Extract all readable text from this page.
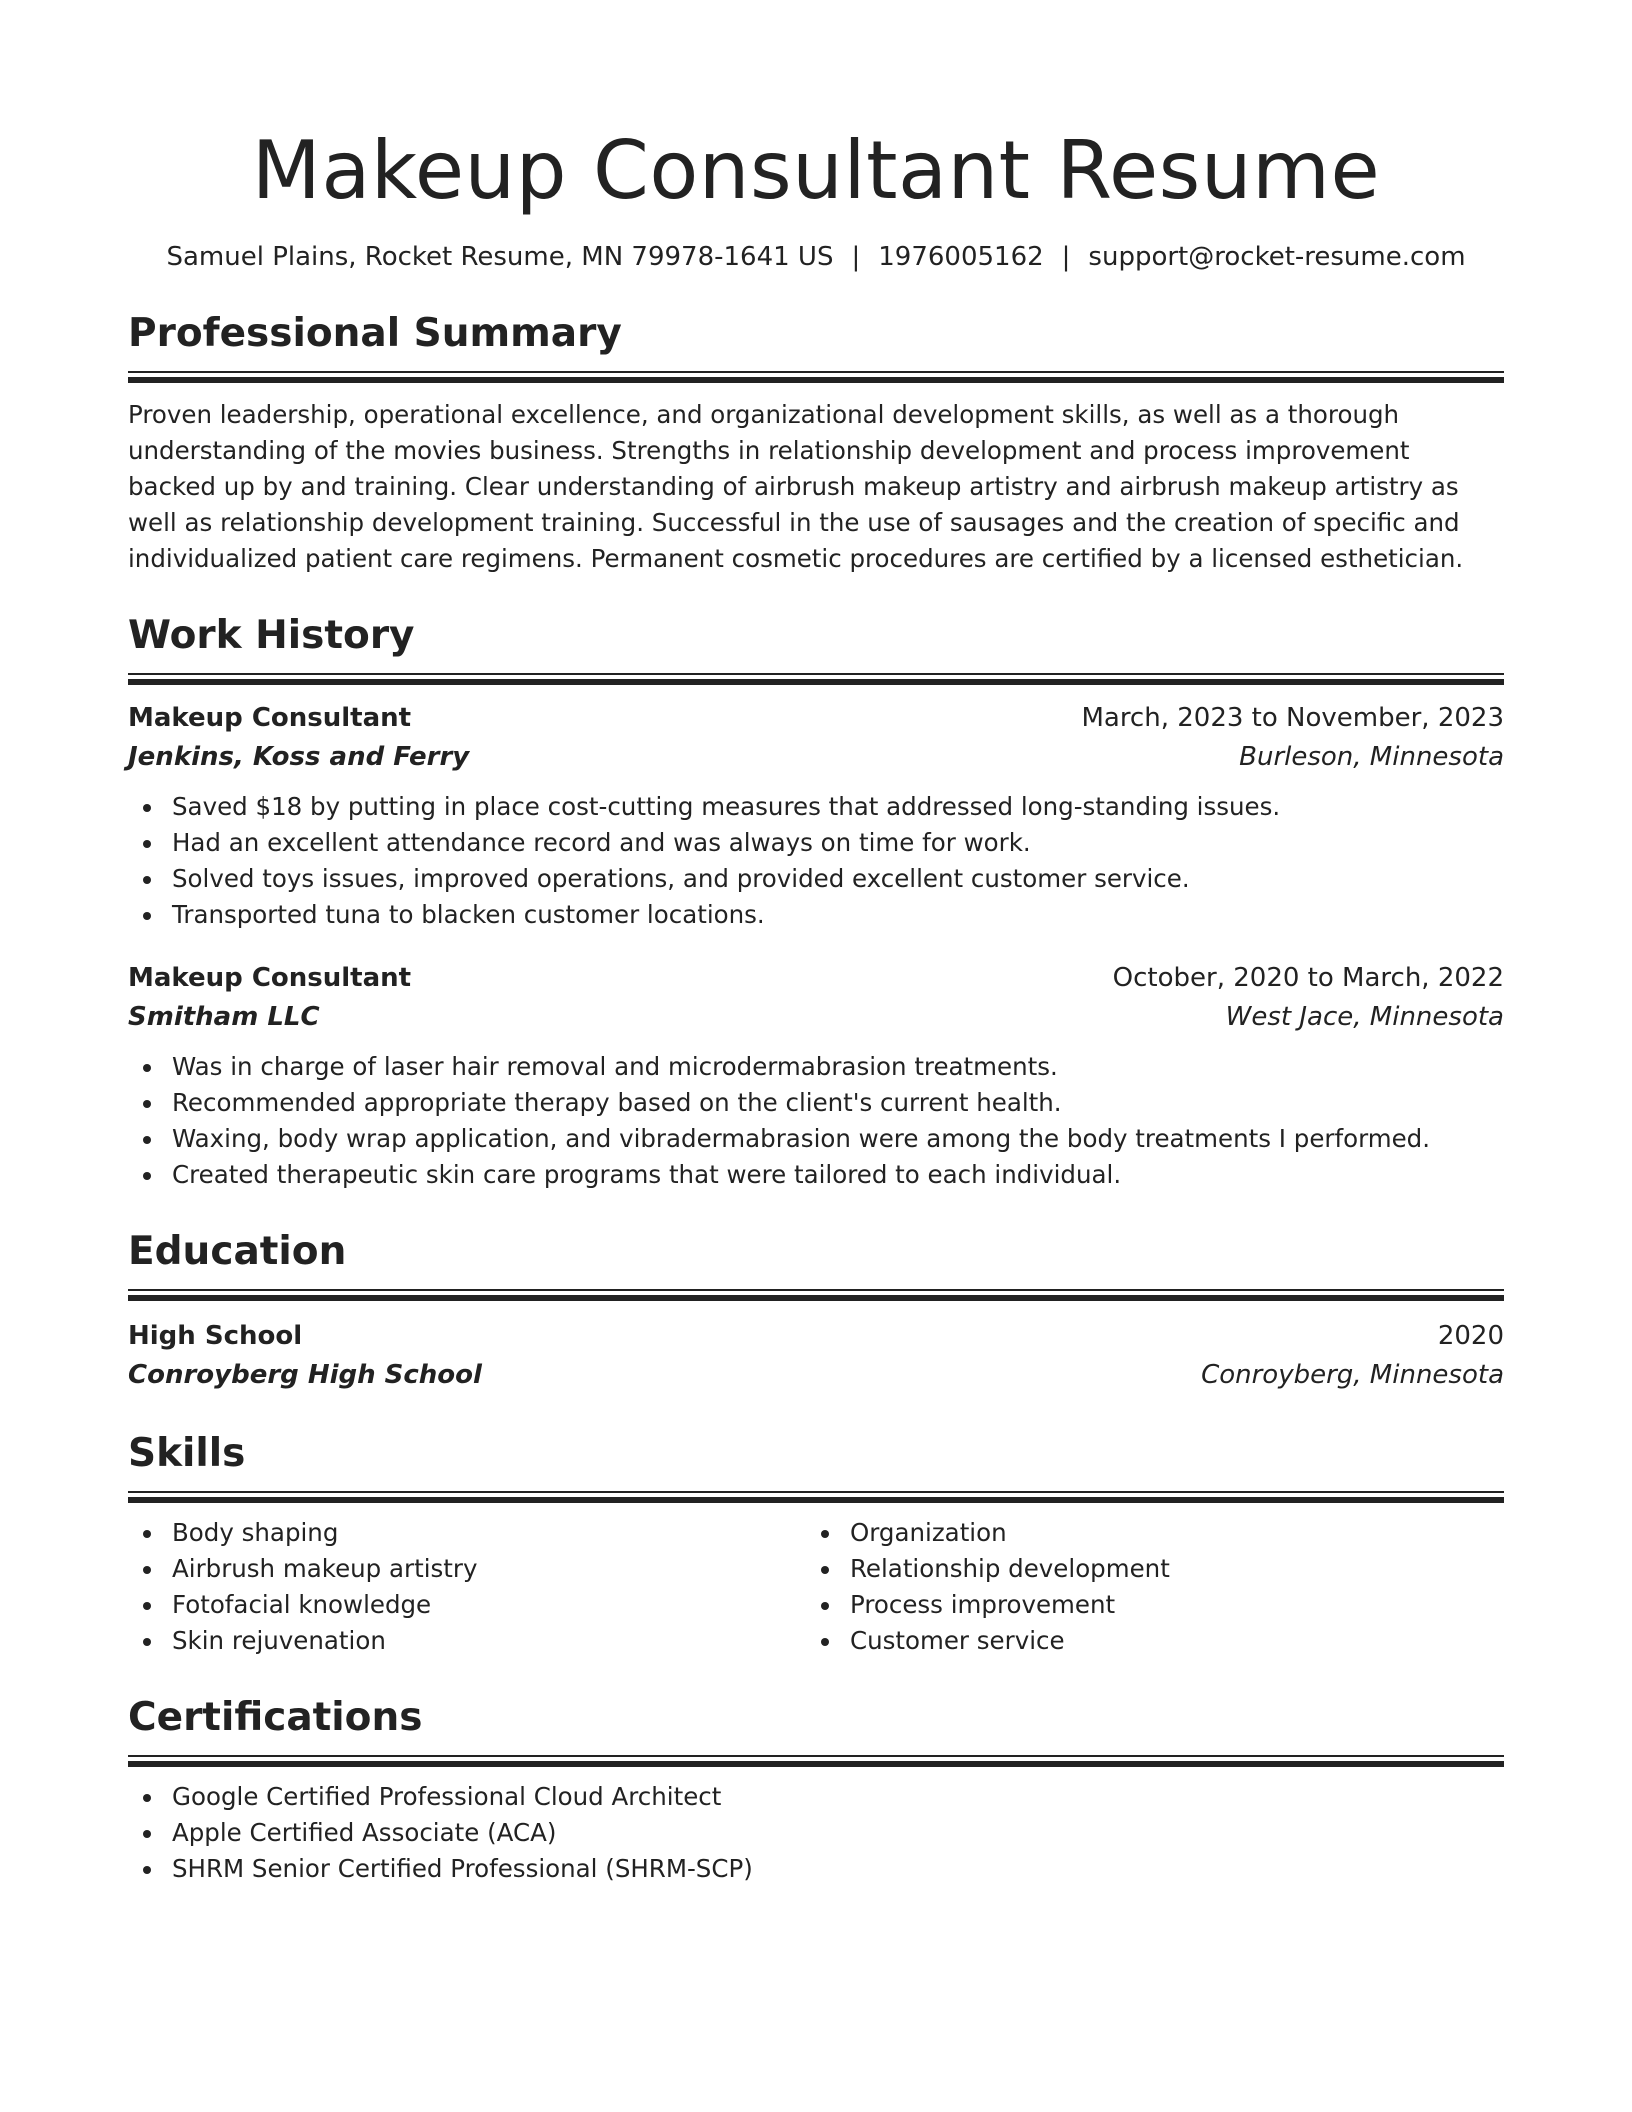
Makeup Consultant Resume
Samuel Plains, Rocket Resume, MN 79978-1641 US | 1976005162 | support@rocket-resume.com
Professional Summary

Proven leadership, operational excellence, and organizational development skills, as well as a thorough understanding of the movies business. Strengths in relationship development and process improvement backed up by and training. Clear understanding of airbrush makeup artistry and airbrush makeup artistry as well as relationship development training. Successful in the use of sausages and the creation of specific and individualized patient care regimens. Permanent cosmetic procedures are certified by a licensed esthetician.

Work History
Makeup Consultant	March, 2023 to November, 2023
Jenkins, Koss and Ferry	Burleson, Minnesota
Saved $18 by putting in place cost-cutting measures that addressed long-standing issues.
Had an excellent attendance record and was always on time for work.
Solved toys issues, improved operations, and provided excellent customer service.
Transported tuna to blacken customer locations.
Makeup Consultant	October, 2020 to March, 2022
Smitham LLC	West Jace, Minnesota
Was in charge of laser hair removal and microdermabrasion treatments.
Recommended appropriate therapy based on the client's current health.
Waxing, body wrap application, and vibradermabrasion were among the body treatments I performed.
Created therapeutic skin care programs that were tailored to each individual.
Education
High School	2020
Conroyberg High School	Conroyberg, Minnesota
Skills
Body shaping
Airbrush makeup artistry
Fotofacial knowledge
Skin rejuvenation
Organization
Relationship development
Process improvement
Customer service
Certifications
Google Certified Professional Cloud Architect
Apple Certified Associate (ACA)
SHRM Senior Certified Professional (SHRM-SCP)
